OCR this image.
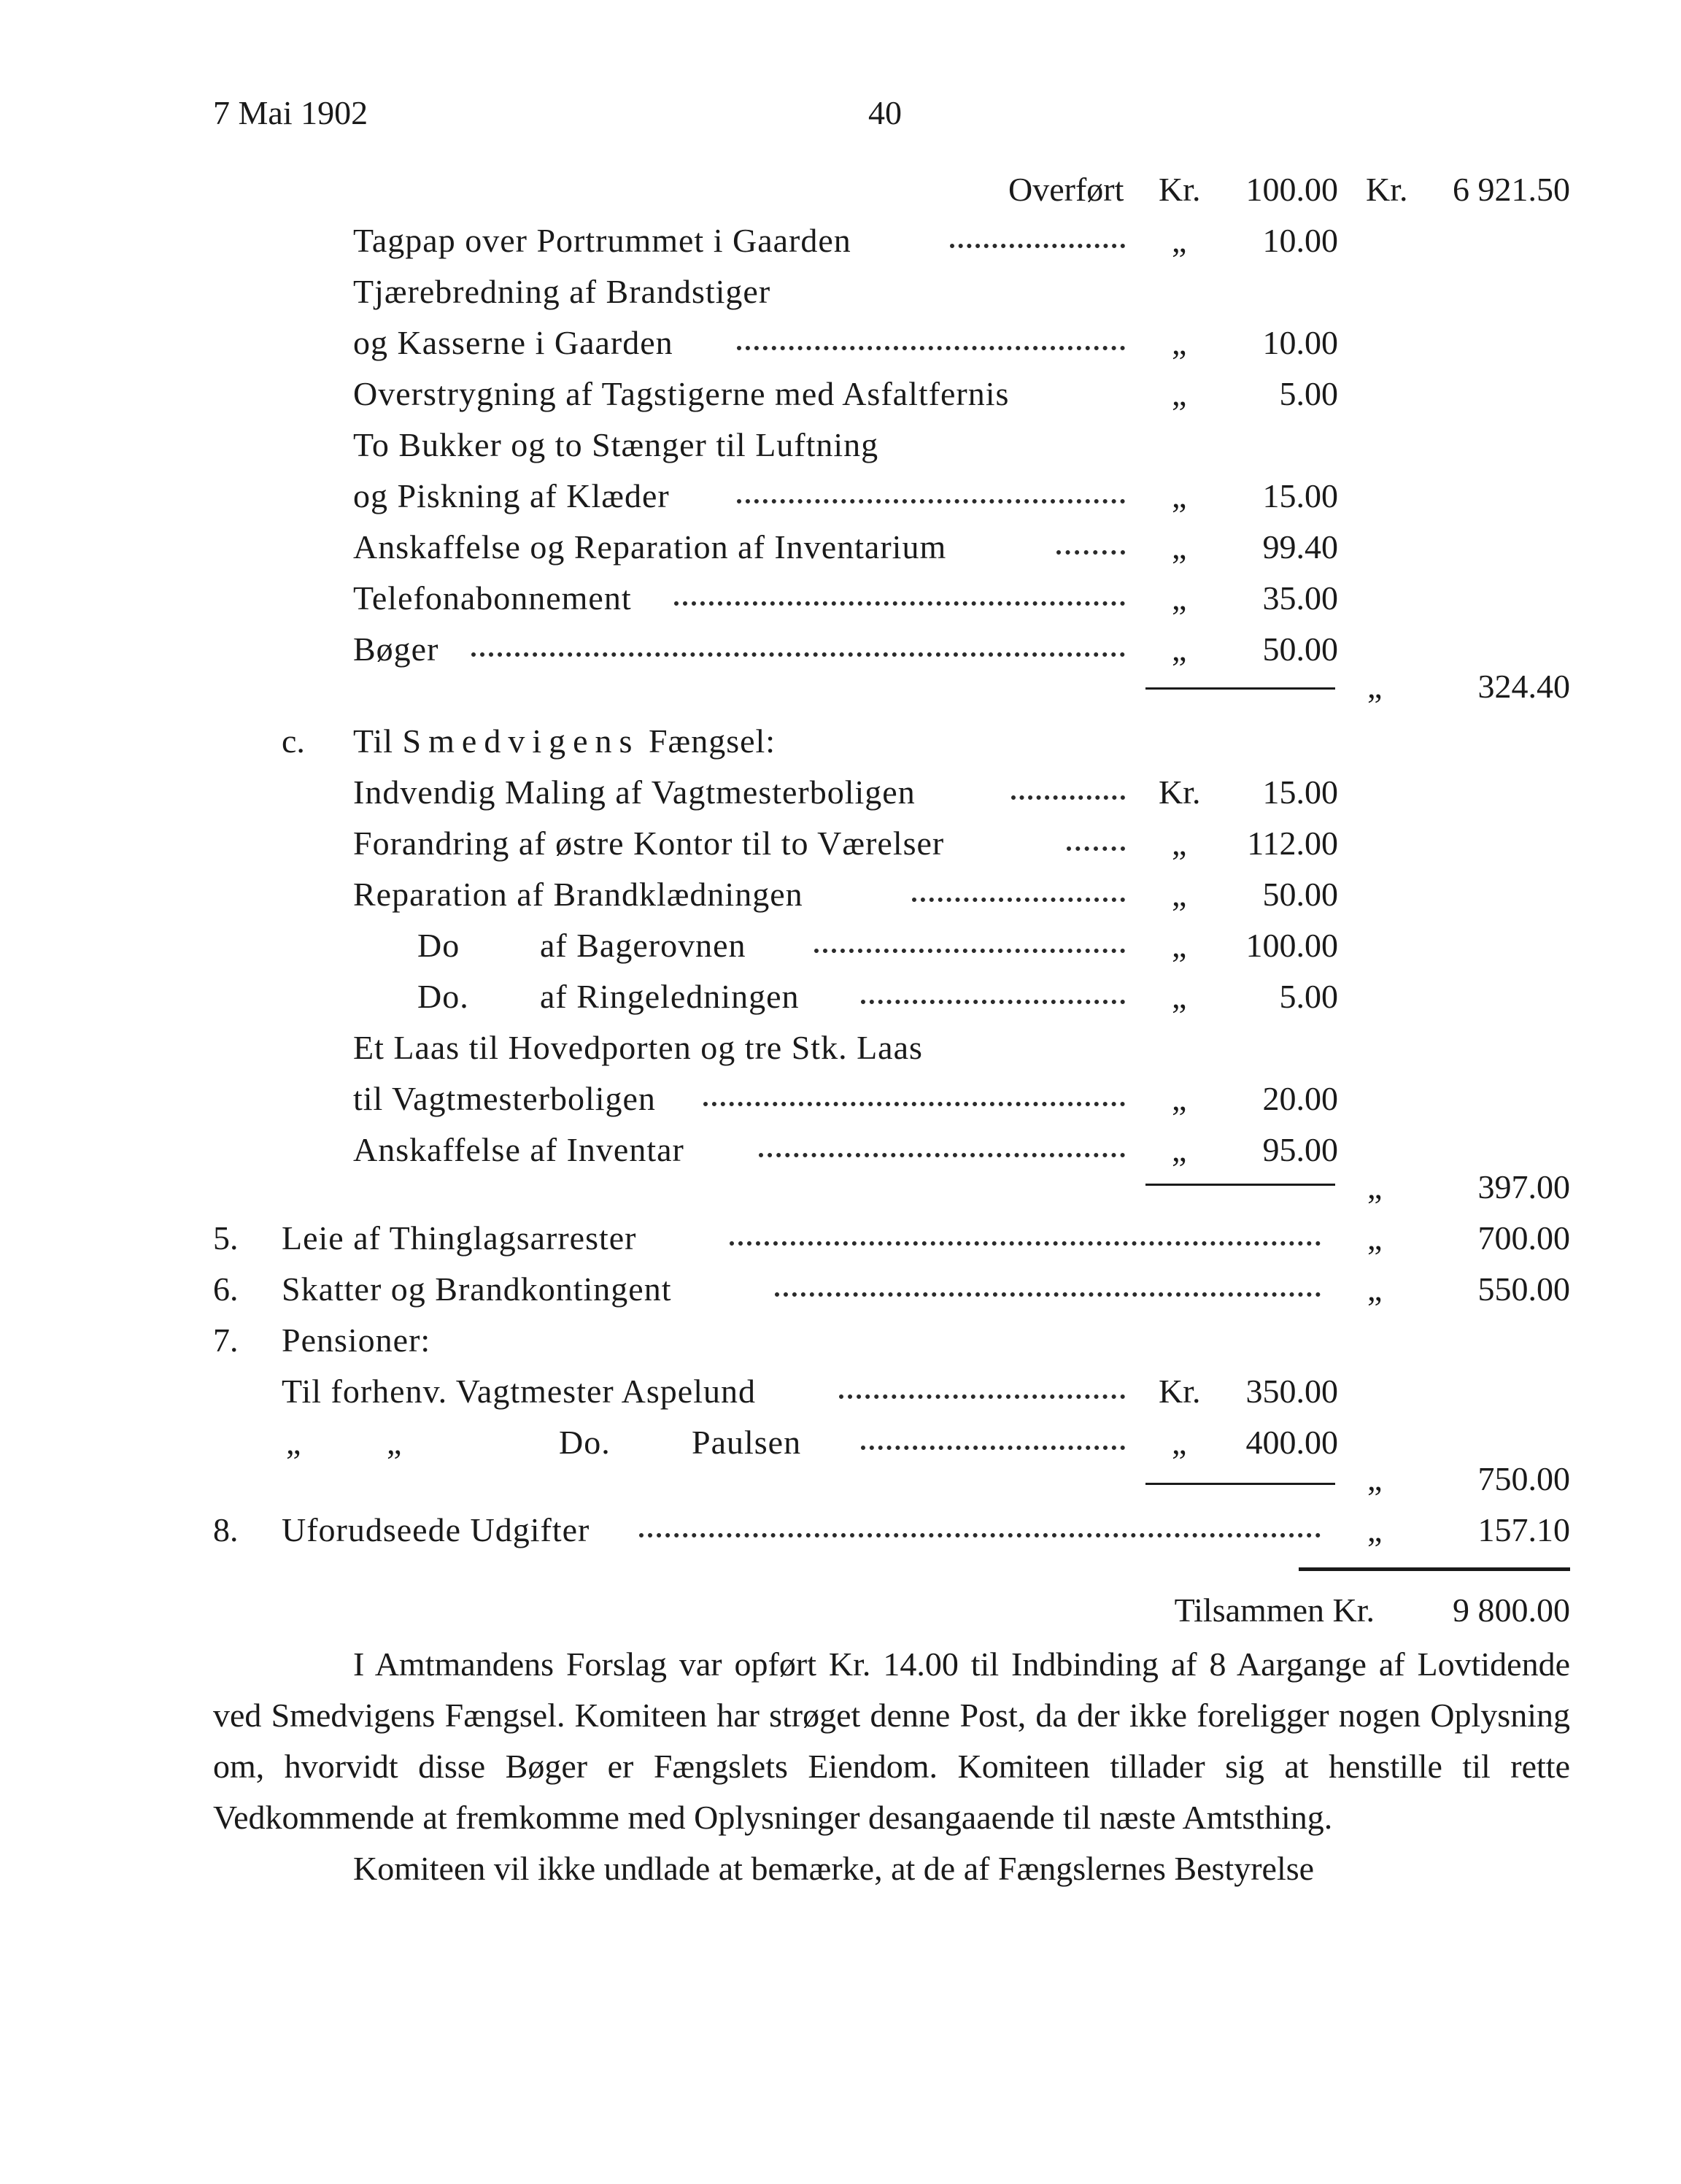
7 Mai 1902	40
Overført Kr. 100.00 Kr. 6 921.50
Tagpap over Portrummet i Gaarden	„ 10.00
Tjærebredning af Brandstiger
og Kasserne i Gaarden	„ 10.00
Overstrygning af Tagstigerne med Asfaltfernis	„	5.00
To Bukker og to Stænger til Luftning
og Piskning af Klæder	„ 15.00
Anskaffelse og Reparation af Inventarium	„ 99.40
Telefonabonnement	„ 35.00
Bøger	„ 50.00
„	324.40
c. Til Smedvigens Fængsel:
Indvendig Maling af Vagtmesterboligen	Kr. 15.00
Forandring af østre Kontor til to Værelser	„ 112.00
Reparation af Brandklædningen	„ 50.00
Do af Bagerovnen	„ 100.00
Do. af Ringeledningen	„	5.00
Et Laas til Hovedporten og tre Stk. Laas
til Vagtmesterboligen	„ 20.00
Anskaffelse af Inventar	„ 95.00
„	397.00
5. Leie af Thinglagsarrester	„	700.00
6. Skatter og Brandkontingent	„	550.00
7. Pensioner:
Til forhenv. Vagtmester Aspelund	Kr. 350.00
„	„	Do. Paulsen	„ 400.00
„	750.00
8. Uforudseede Udgifter	„	157.10
Tilsammen Kr. 9 800.00

I Amtmandens Forslag var opført Kr. 14.00 til Indbinding af 8 Aargange af Lovtidende ved Smedvigens Fængsel. Komiteen har strøget denne Post, da der ikke foreligger nogen Oplysning om, hvorvidt disse Bøger er Fængslets Eiendom. Komiteen tillader sig at henstille til rette Vedkommende at fremkomme med Oplysninger desangaaende til næste Amtsthing.

Komiteen vil ikke undlade at bemærke, at de af Fængslernes Bestyrelse
